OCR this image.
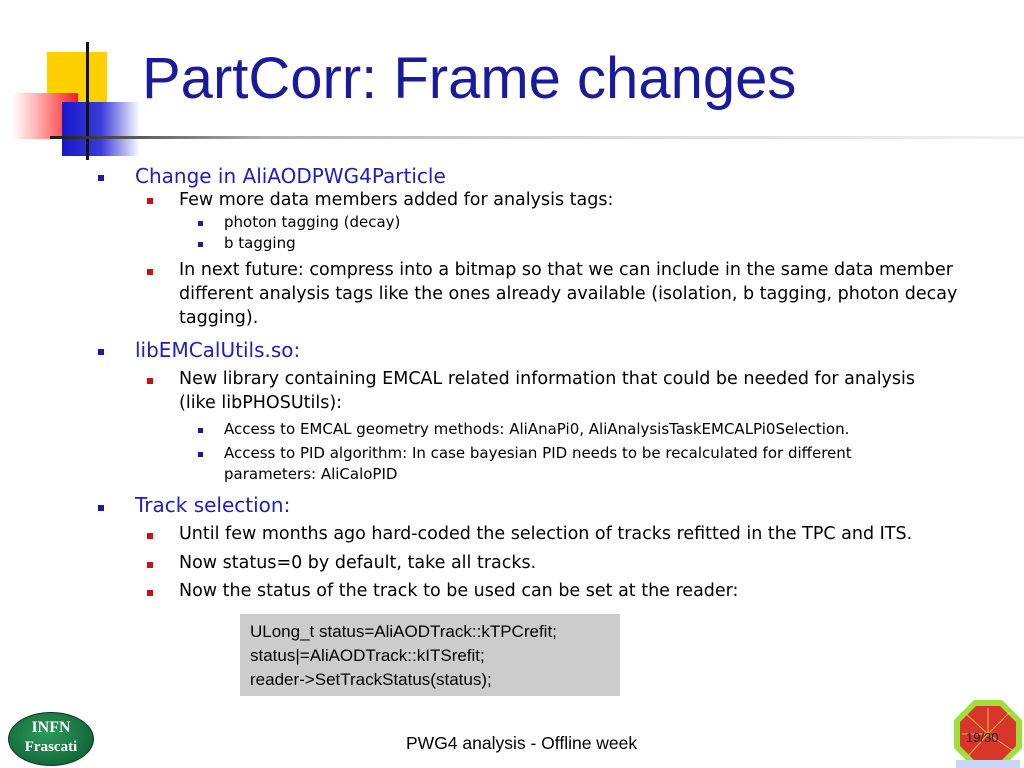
PartCorr: Frame changes
Change in AliAODPWG4Particle
Few more data members added for analysis tags:
photon tagging (decay)
b tagging
In next future: compress into a bitmap so that we can include in the same data member
different analysis tags like the ones already available (isolation, b tagging, photon decay
tagging).
libEMCalUtils.so:
New library containing EMCAL related information that could be needed for analysis
(like libPHOSUtils):
Access to EMCAL geometry methods: AliAnaPi0, AliAnalysisTaskEMCALPi0Selection.
Access to PID algorithm: In case bayesian PID needs to be recalculated for different
parameters: AliCaloPID
Track selection:
Until few months ago hard-coded the selection of tracks refitted in the TPC and ITS.
Now status=0 by default, take all tracks.
Now the status of the track to be used can be set at the reader:
ULong_t status=AliAODTrack::kTPCrefit;
status|=AliAODTrack::kITSrefit;
reader->SetTrackStatus(status);
PWG4 analysis - Offline week
INFN
Frascati
19/30
